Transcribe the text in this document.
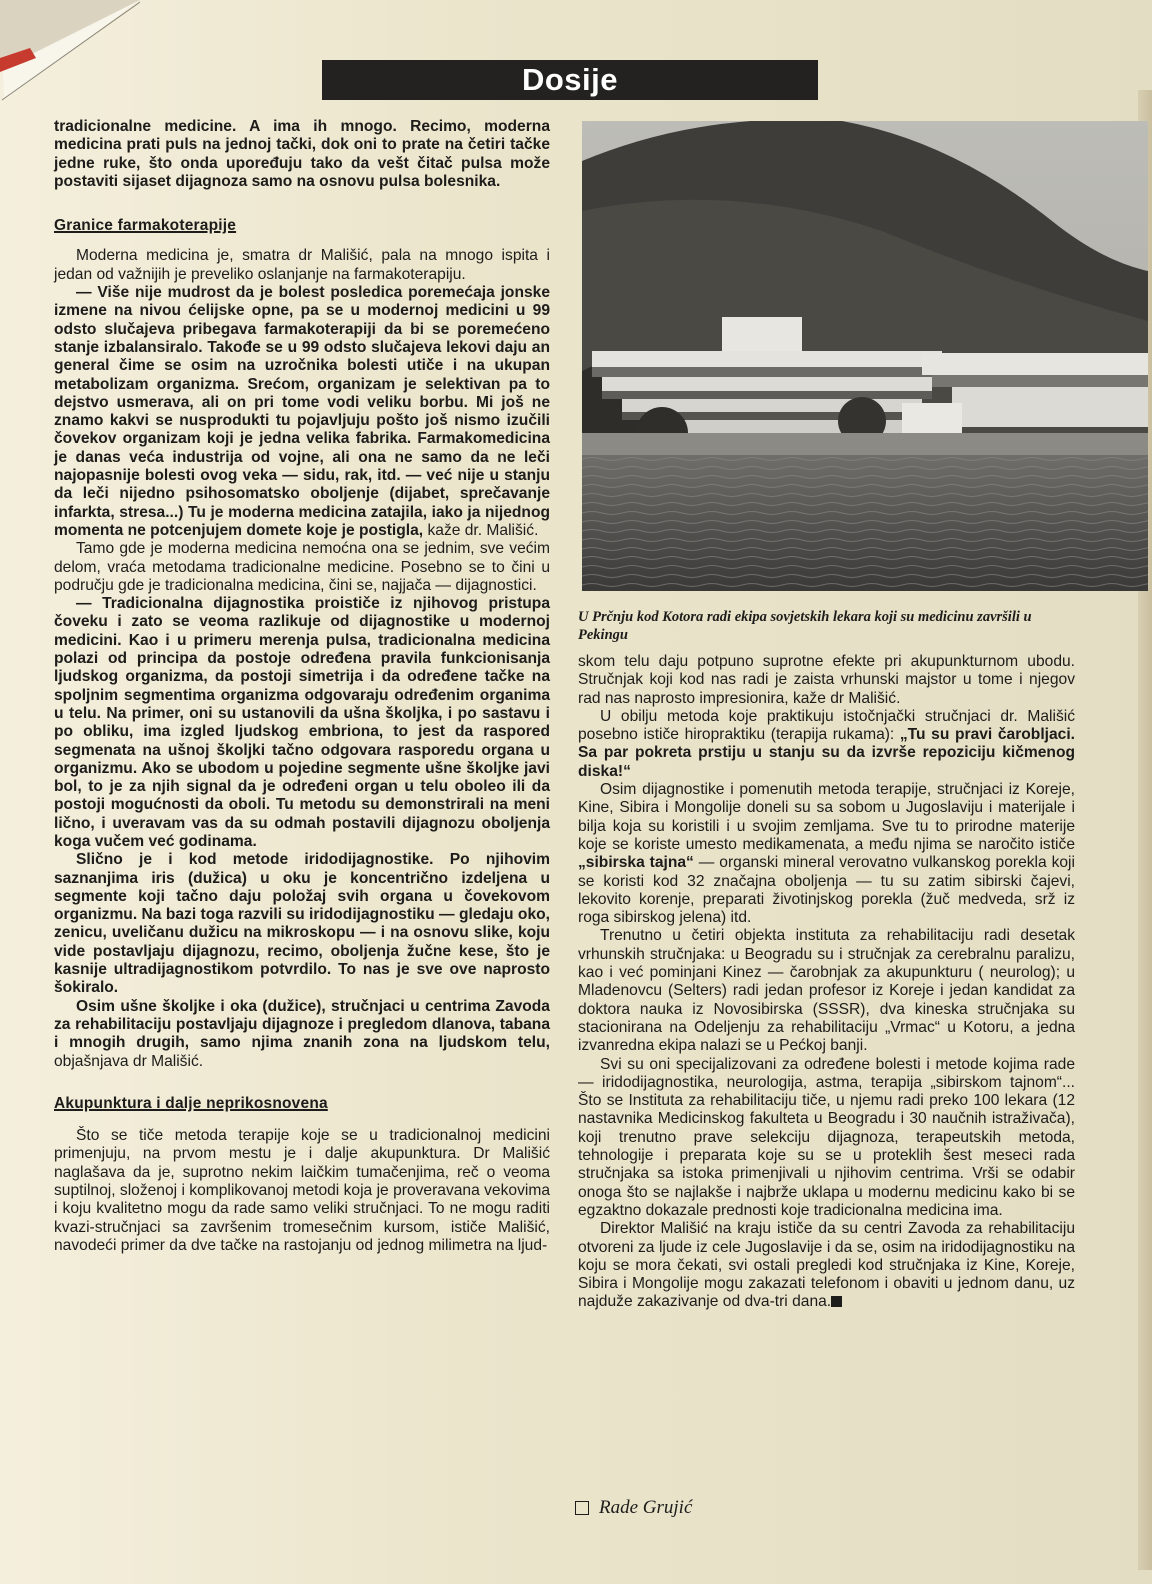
Dosije

tradicionalne medicine. A ima ih mnogo. Recimo, moderna medicina prati puls na jednoj tački, dok oni to prate na četiri tačke jedne ruke, što onda upoređuju tako da vešt čitač pulsa može postaviti sijaset dijagnoza samo na osnovu pulsa bolesnika.

Granice farmakoterapije

Moderna medicina je, smatra dr Mališić, pala na mnogo ispita i jedan od važnijih je preveliko oslanjanje na farmakoterapiju.

— Više nije mudrost da je bolest posledica poremećaja jonske izmene na nivou ćelijske opne, pa se u modernoj medicini u 99 odsto slučajeva pribegava farmakoterapiji da bi se poremećeno stanje izbalansiralo. Takođe se u 99 odsto slučajeva lekovi daju an general čime se osim na uzročnika bolesti utiče i na ukupan metabolizam organizma. Srećom, organizam je selektivan pa to dejstvo usmerava, ali on pri tome vodi veliku borbu. Mi još ne znamo kakvi se nusprodukti tu pojavljuju pošto još nismo izučili čovekov organizam koji je jedna velika fabrika. Farmakomedicina je danas veća industrija od vojne, ali ona ne samo da ne leči najopasnije bolesti ovog veka — sidu, rak, itd. — već nije u stanju da leči nijedno psihosomatsko oboljenje (dijabet, sprečavanje infarkta, stresa...) Tu je moderna medicina zatajila, iako ja nijednog momenta ne potcenjujem domete koje je postigla, kaže dr. Mališić.

Tamo gde je moderna medicina nemoćna ona se jednim, sve većim delom, vraća metodama tradicionalne medicine. Posebno se to čini u području gde je tradicionalna medicina, čini se, najjača — dijagnostici.

— Tradicionalna dijagnostika proističe iz njihovog pristupa čoveku i zato se veoma razlikuje od dijagnostike u modernoj medicini. Kao i u primeru merenja pulsa, tradicionalna medicina polazi od principa da postoje određena pravila funkcionisanja ljudskog organizma, da postoji simetrija i da određene tačke na spoljnim segmentima organizma odgovaraju određenim organima u telu. Na primer, oni su ustanovili da ušna školjka, i po sastavu i po obliku, ima izgled ljudskog embriona, to jest da raspored segmenata na ušnoj školjki tačno odgovara rasporedu organa u organizmu. Ako se ubodom u pojedine segmente ušne školjke javi bol, to je za njih signal da je određeni organ u telu oboleo ili da postoji mogućnosti da oboli. Tu metodu su demonstrirali na meni lično, i uveravam vas da su odmah postavili dijagnozu oboljenja koga vučem već godinama.

Slično je i kod metode iridodijagnostike. Po njihovim saznanjima iris (dužica) u oku je koncentrično izdeljena u segmente koji tačno daju položaj svih organa u čovekovom organizmu. Na bazi toga razvili su iridodijagnostiku — gledaju oko, zenicu, uveličanu dužicu na mikroskopu — i na osnovu slike, koju vide postavljaju dijagnozu, recimo, oboljenja žučne kese, što je kasnije ultradijagnostikom potvrdilo. To nas je sve ove naprosto šokiralo.

Osim ušne školjke i oka (dužice), stručnjaci u centrima Zavoda za rehabilitaciju postavljaju dijagnoze i pregledom dlanova, tabana i mnogih drugih, samo njima znanih zona na ljudskom telu, objašnjava dr Mališić.

Akupunktura i dalje neprikosnovena

Što se tiče metoda terapije koje se u tradicionalnoj medicini primenjuju, na prvom mestu je i dalje akupunktura. Dr Mališić naglašava da je, suprotno nekim laičkim tumačenjima, reč o veoma suptilnoj, složenoj i komplikovanoj metodi koja je proveravana vekovima i koju kvalitetno mogu da rade samo veliki stručnjaci. To ne mogu raditi kvazi-stručnjaci sa završenim tromesečnim kursom, ističe Mališić, navodeći primer da dve tačke na rastojanju od jednog milimetra na ljud-

U Prčnju kod Kotora radi ekipa sovjetskih lekara koji su medicinu završili u Pekingu

skom telu daju potpuno suprotne efekte pri akupunkturnom ubodu. Stručnjak koji kod nas radi je zaista vrhunski majstor u tome i njegov rad nas naprosto impresionira, kaže dr Mališić.

U obilju metoda koje praktikuju istočnjački stručnjaci dr. Mališić posebno ističe hiropraktiku (terapija rukama): „Tu su pravi čarobljaci. Sa par pokreta prstiju u stanju su da izvrše repoziciju kičmenog diska!“

Osim dijagnostike i pomenutih metoda terapije, stručnjaci iz Koreje, Kine, Sibira i Mongolije doneli su sa sobom u Jugoslaviju i materijale i bilja koja su koristili i u svojim zemljama. Sve tu to prirodne materije koje se koriste umesto medikamenata, a među njima se naročito ističe „sibirska tajna“ — organski mineral verovatno vulkanskog porekla koji se koristi kod 32 značajna oboljenja — tu su zatim sibirski čajevi, lekovito korenje, preparati životinjskog porekla (žuč medveda, srž iz roga sibirskog jelena) itd.

Trenutno u četiri objekta instituta za rehabilitaciju radi desetak vrhunskih stručnjaka: u Beogradu su i stručnjak za cerebralnu paralizu, kao i već pominjani Kinez — čarobnjak za akupunkturu ( neurolog); u Mladenovcu (Selters) radi jedan profesor iz Koreje i jedan kandidat za doktora nauka iz Novosibirska (SSSR), dva kineska stručnjaka su stacionirana na Odeljenju za rehabilitaciju „Vrmac“ u Kotoru, a jedna izvanredna ekipa nalazi se u Pećkoj banji.

Svi su oni specijalizovani za određene bolesti i metode kojima rade — iridodijagnostika, neurologija, astma, terapija „sibirskom tajnom“... Što se Instituta za rehabilitaciju tiče, u njemu radi preko 100 lekara (12 nastavnika Medicinskog fakulteta u Beogradu i 30 naučnih istraživača), koji trenutno prave selekciju dijagnoza, terapeutskih metoda, tehnologije i preparata koje su se u proteklih šest meseci rada stručnjaka sa istoka primenjivali u njihovim centrima. Vrši se odabir onoga što se najlakše i najbrže uklapa u modernu medicinu kako bi se egzaktno dokazale prednosti koje tradicionalna medicina ima.

Direktor Mališić na kraju ističe da su centri Zavoda za rehabilitaciju otvoreni za ljude iz cele Jugoslavije i da se, osim na iridodijagnostiku na koju se mora čekati, svi ostali pregledi kod stručnjaka iz Kine, Koreje, Sibira i Mongolije mogu zakazati telefonom i obaviti u jednom danu, uz najduže zakazivanje od dva-tri dana.

Rade Grujić
